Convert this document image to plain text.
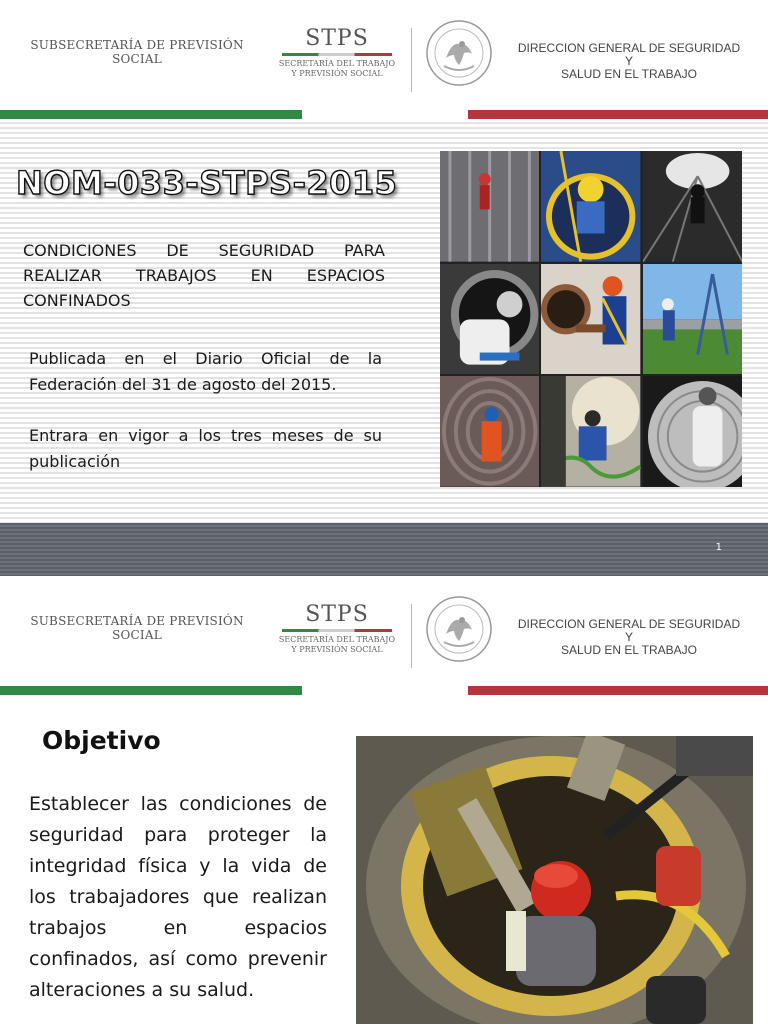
SUBSECRETARÍA DE PREVISIÓN
SOCIAL
STPS
SECRETARÍA DEL TRABAJO
Y PREVISIÓN SOCIAL
DIRECCION GENERAL DE SEGURIDAD Y
SALUD EN EL TRABAJO
NOM-033-STPS-2015
CONDICIONES DE SEGURIDAD PARA REALIZAR TRABAJOS EN ESPACIOS CONFINADOS
Publicada en el Diario Oficial de la Federación del 31 de agosto del 2015.
Entrara en vigor a los tres meses de su publicación
1
SUBSECRETARÍA DE PREVISIÓN
SOCIAL
STPS
SECRETARÍA DEL TRABAJO
Y PREVISIÓN SOCIAL
DIRECCION GENERAL DE SEGURIDAD Y
SALUD EN EL TRABAJO
Objetivo
Establecer las condiciones de seguridad para proteger la integridad física y la vida de los trabajadores que realizan trabajos en espacios confinados, así como prevenir alteraciones a su salud.
